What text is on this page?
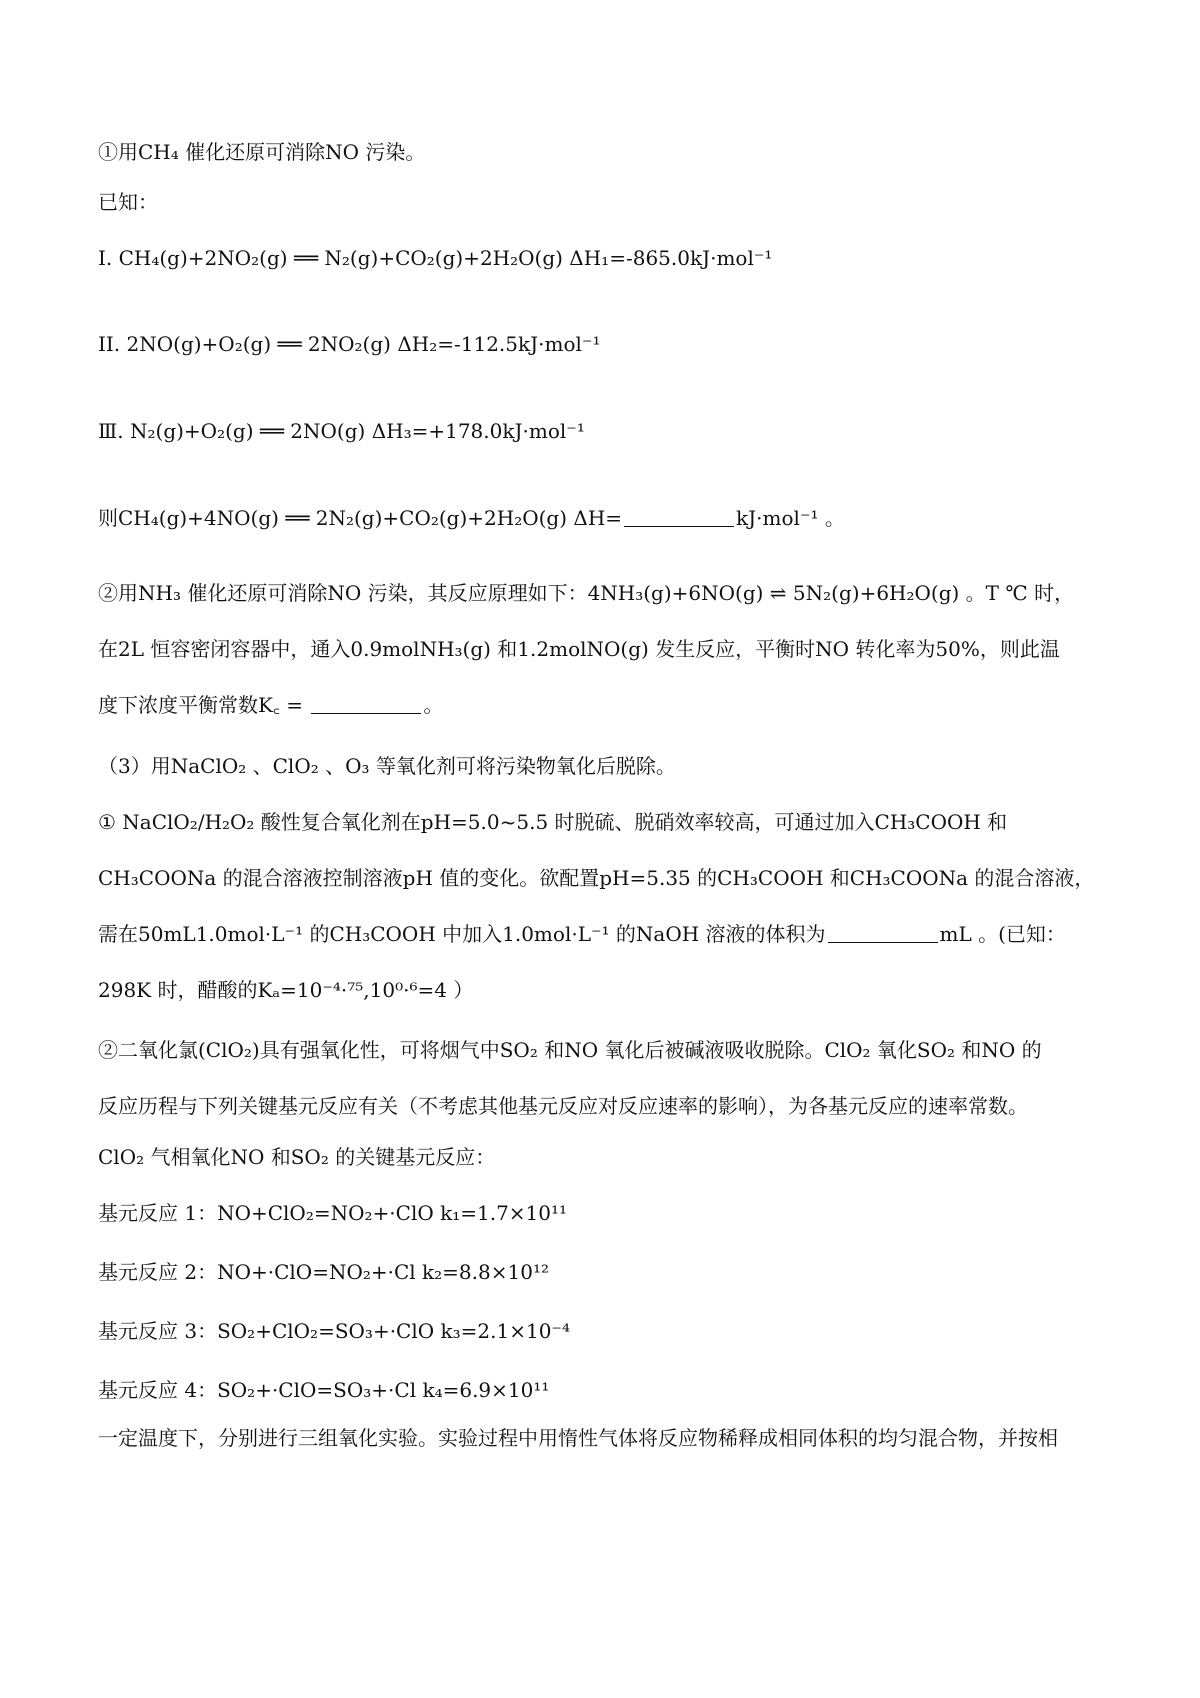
①用CH₄ 催化还原可消除NO 污染。
已知：
I. CH₄(g)+2NO₂(g) ══ N₂(g)+CO₂(g)+2H₂O(g) ΔH₁=-865.0kJ·mol⁻¹
II. 2NO(g)+O₂(g) ══ 2NO₂(g) ΔH₂=-112.5kJ·mol⁻¹
Ⅲ. N₂(g)+O₂(g) ══ 2NO(g) ΔH₃=+178.0kJ·mol⁻¹
则CH₄(g)+4NO(g) ══ 2N₂(g)+CO₂(g)+2H₂O(g) ΔH=	kJ·mol⁻¹ 。
②用NH₃ 催化还原可消除NO 污染，其反应原理如下：4NH₃(g)+6NO(g) ⇌ 5N₂(g)+6H₂O(g) 。T ℃ 时，
在2L 恒容密闭容器中，通入0.9molNH₃(g) 和1.2molNO(g) 发生反应，平衡时NO 转化率为50%，则此温
度下浓度平衡常数K꜀ =	。
（3）用NaClO₂ 、ClO₂ 、O₃ 等氧化剂可将污染物氧化后脱除。
① NaClO₂/H₂O₂ 酸性复合氧化剂在pH=5.0~5.5 时脱硫、脱硝效率较高，可通过加入CH₃COOH 和
CH₃COONa 的混合溶液控制溶液pH 值的变化。欲配置pH=5.35 的CH₃COOH 和CH₃COONa 的混合溶液，
需在50mL1.0mol·L⁻¹ 的CH₃COOH 中加入1.0mol·L⁻¹ 的NaOH 溶液的体积为	mL 。(已知：
298K 时，醋酸的Kₐ=10⁻⁴·⁷⁵,10⁰·⁶=4 ）
②二氧化氯(ClO₂)具有强氧化性，可将烟气中SO₂ 和NO 氧化后被碱液吸收脱除。ClO₂ 氧化SO₂ 和NO 的
反应历程与下列关键基元反应有关（不考虑其他基元反应对反应速率的影响），为各基元反应的速率常数。
ClO₂ 气相氧化NO 和SO₂ 的关键基元反应：
基元反应 1：NO+ClO₂=NO₂+·ClO k₁=1.7×10¹¹
基元反应 2：NO+·ClO=NO₂+·Cl k₂=8.8×10¹²
基元反应 3：SO₂+ClO₂=SO₃+·ClO k₃=2.1×10⁻⁴
基元反应 4：SO₂+·ClO=SO₃+·Cl k₄=6.9×10¹¹
一定温度下，分别进行三组氧化实验。实验过程中用惰性气体将反应物稀释成相同体积的均匀混合物，并按相
